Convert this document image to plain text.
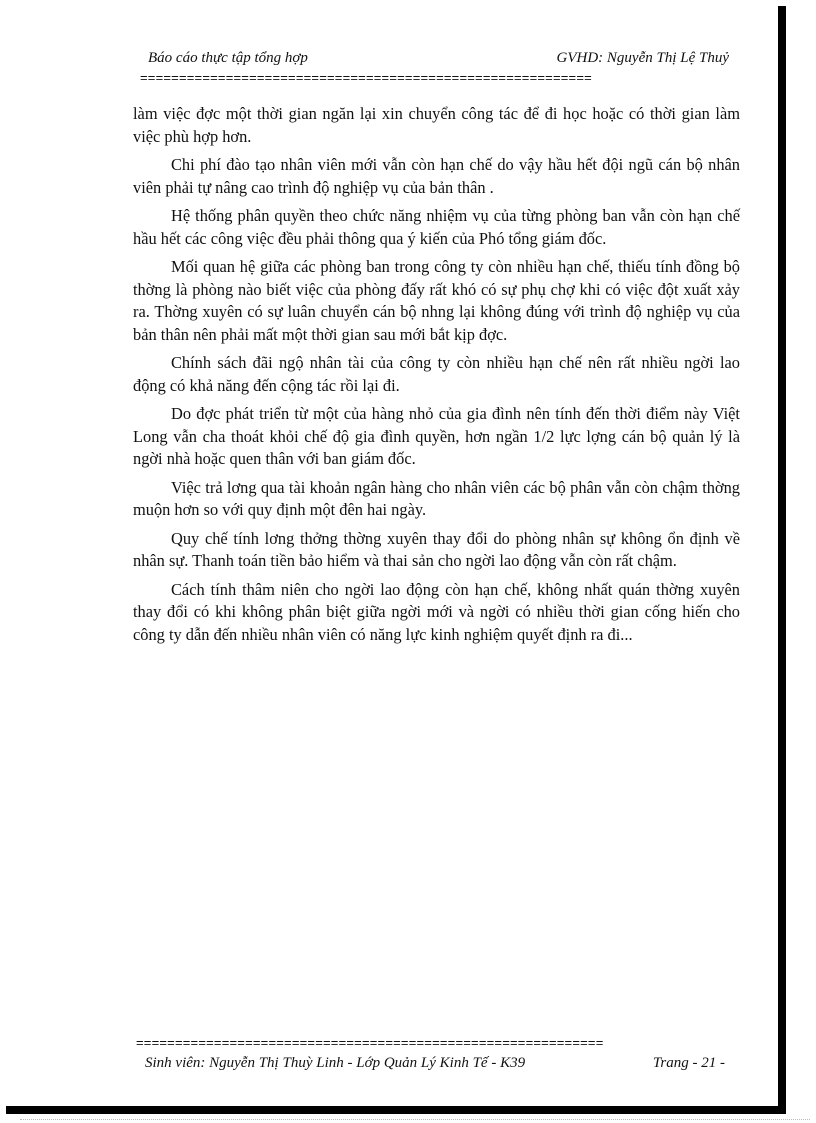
Báo cáo thực tập tổng hợp	GVHD: Nguyễn Thị Lệ Thuỷ
==========================================================

làm việc đợc một thời gian ngăn lại xin chuyển công tác để đi học hoặc có thời gian làm việc phù hợp hơn.

Chi phí đào tạo nhân viên mới vẫn còn hạn chế do vậy hầu hết đội ngũ cán bộ nhân viên phải tự nâng cao trình độ nghiệp vụ của bản thân .

Hệ thống phân quyền theo chức năng nhiệm vụ của từng phòng ban vẫn còn hạn chế hầu hết các công việc đều phải thông qua ý kiến của Phó tổng giám đốc.

Mối quan hệ giữa các phòng ban trong công ty còn nhiều hạn chế, thiếu tính đồng bộ thờng là phòng nào biết việc của phòng đấy rất khó có sự phụ chợ khi có việc đột xuất xảy ra. Thờng xuyên có sự luân chuyển cán bộ nhng lại không đúng với trình độ nghiệp vụ của bản thân nên phải mất một thời gian sau mới bắt kịp đợc.

Chính sách đãi ngộ nhân tài của công ty còn nhiều hạn chế nên rất nhiều ngời lao động có khả năng đến cộng tác rồi lại đi.

Do đợc phát triển từ một của hàng nhỏ của gia đình nên tính đến thời điểm này Việt Long vẫn cha thoát khỏi chế độ gia đình quyền, hơn ngần 1/2 lực lợng cán bộ quản lý là ngời nhà hoặc quen thân với ban giám đốc.

Việc trả lơng qua tài khoản ngân hàng cho nhân viên các bộ phân vẫn còn chậm thờng muộn hơn so với quy định một đên hai ngày.

Quy chế tính lơng thởng thờng xuyên thay đổi do phòng nhân sự không ổn định về nhân sự. Thanh toán tiền bảo hiểm và thai sản cho ngời lao động vẫn còn rất chậm.

Cách tính thâm niên cho ngời lao động còn hạn chế, không nhất quán thờng xuyên thay đổi có khi không phân biệt giữa ngời mới và ngời có nhiều thời gian cống hiến cho công ty dẫn đến nhiều nhân viên có năng lực kinh nghiệm quyết định ra đi...

============================================================
Sinh viên: Nguyễn Thị Thuỳ Linh - Lớp Quản Lý Kinh Tế - K39	Trang - 21 -
